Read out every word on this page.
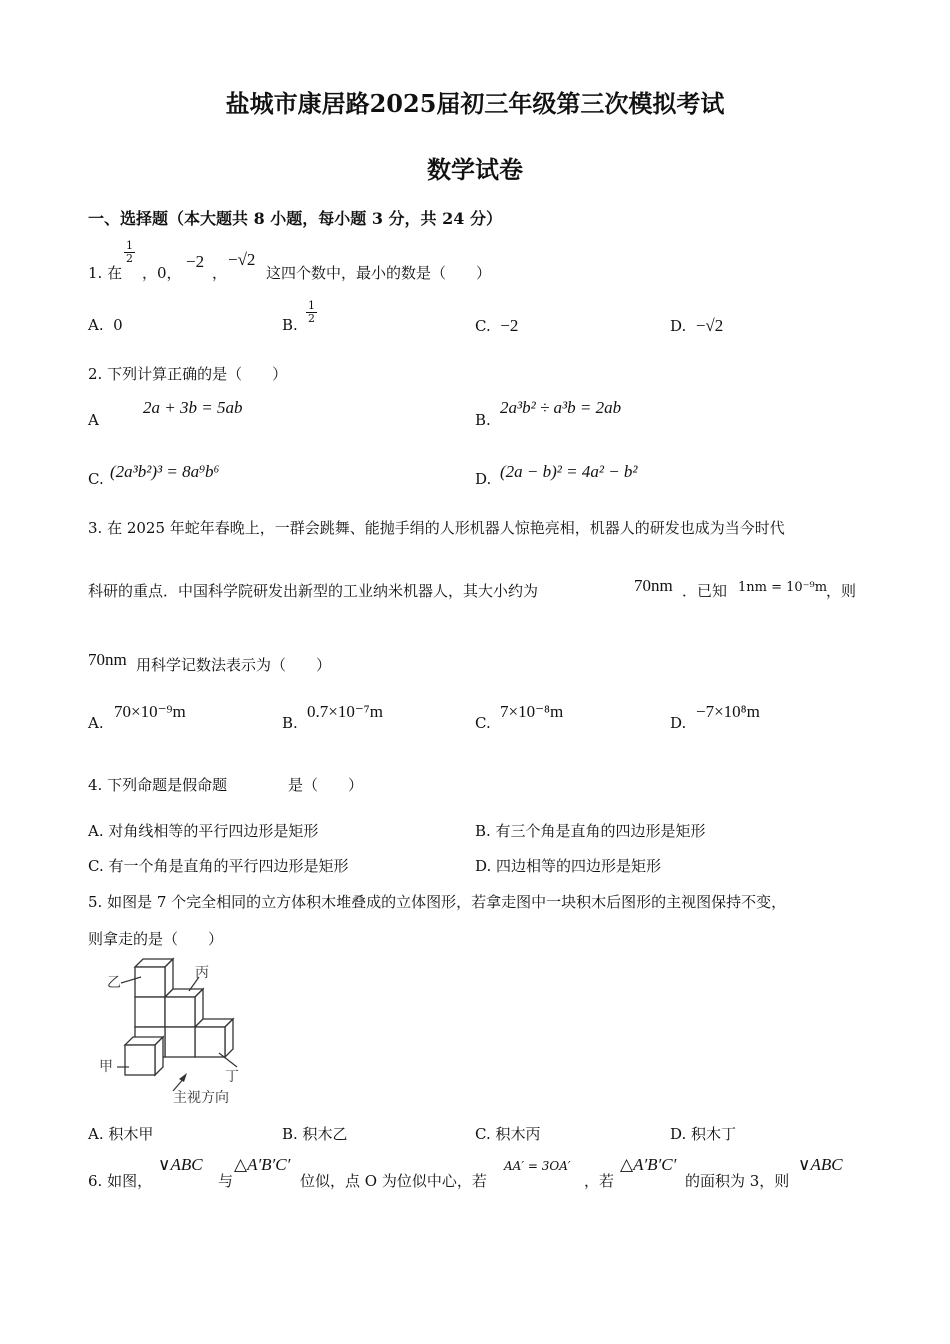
盐城市康居路2025届初三年级第三次模拟考试
数学试卷
一、选择题（本大题共 8 小题，每小题 3 分，共 24 分）
1. 在
$\frac{1}{2}$
，0，
−2
，
−√2
这四个数中，最小的数是（　　）
A. 0	B. $\frac{1}{2}$
C. −2	D. −√2
2. 下列计算正确的是（　　）
A
2a + 3b = 5ab
B.
2a³b² ÷ a³b = 2ab
C. (2a³b²)³ = 8a⁹b⁶	D. (2a − b)² = 4a² − b²
3. 在 2025 年蛇年春晚上，一群会跳舞、能抛手绢的人形机器人惊艳亮相，机器人的研发也成为当今时代
科研的重点．中国科学院研发出新型的工业纳米机器人，其大小约为	70nm ．已知 1nm = 10⁻⁹m
，则
70nm 用科学记数法表示为（　　）
A.
70×10⁻⁹m
B.
0.7×10⁻⁷m
C.
7×10⁻⁸m
D.
−7×10⁸m
4. 下列命题是假命题	是（　　）
A. 对角线相等的平行四边形是矩形	B. 有三个角是直角的四边形是矩形
C. 有一个角是直角的平行四边形是矩形	D. 四边相等的四边形是矩形
5. 如图是 7 个完全相同的立方体积木堆叠成的立体图形，若拿走图中一块积木后图形的主视图保持不变，
则拿走的是（　　）
乙
丙
甲
丁
主视方向
A. 积木甲	B. 积木乙	C. 积木丙	D. 积木丁
6. 如图，
∨ABC
与
△A′B′C′
位似，点 O 为位似中心，若
AA′ = 3OA′
，若
△A′B′C′
的面积为 3，则
∨ABC
